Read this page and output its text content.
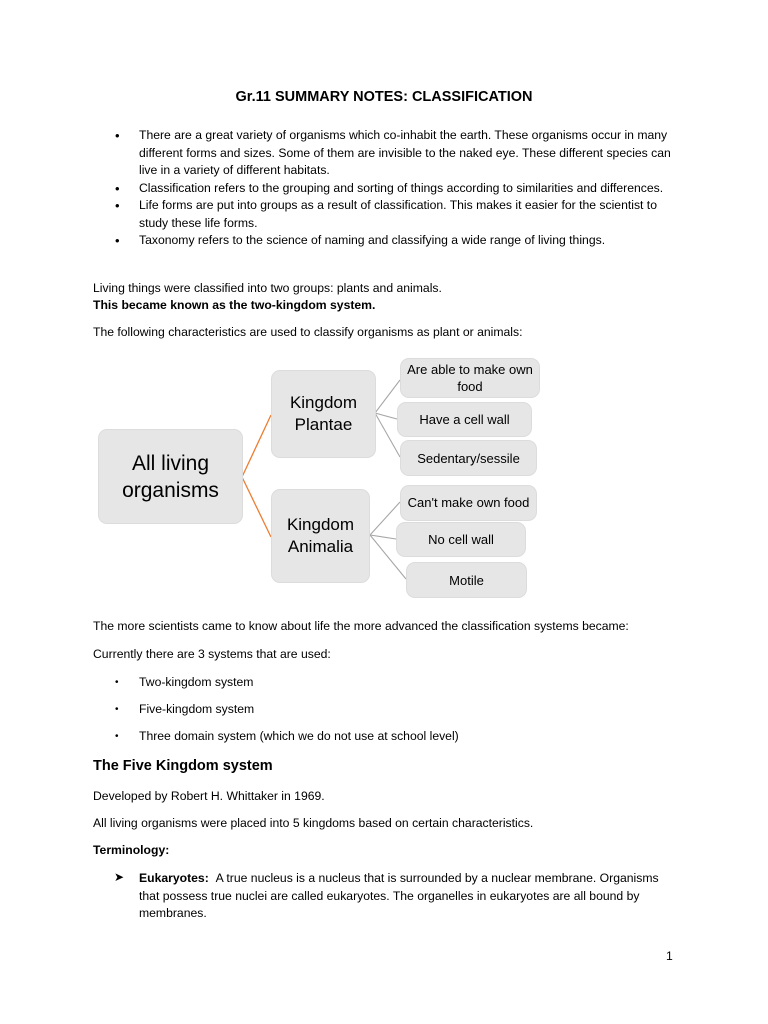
Gr.11 SUMMARY NOTES: CLASSIFICATION
• There are a great variety of organisms which co-inhabit the earth. These organisms occur in many different forms and sizes. Some of them are invisible to the naked eye. These different species can live in a variety of different habitats.
• Classification refers to the grouping and sorting of things according to similarities and differences.
• Life forms are put into groups as a result of classification. This makes it easier for the scientist to study these life forms.
• Taxonomy refers to the science of naming and classifying a wide range of living things.
Living things were classified into two groups: plants and animals.
This became known as the two-kingdom system.
The following characteristics are used to classify organisms as plant or animals:
All living organisms
Kingdom Plantae
Kingdom Animalia
Are able to make own food
Have a cell wall
Sedentary/sessile
Can't make own food
No cell wall
Motile
The more scientists came to know about life the more advanced the classification systems became:
Currently there are 3 systems that are used:
• Two-kingdom system
• Five-kingdom system
• Three domain system (which we do not use at school level)
The Five Kingdom system
Developed by Robert H. Whittaker in 1969.
All living organisms were placed into 5 kingdoms based on certain characteristics.
Terminology:
➤ Eukaryotes: A true nucleus is a nucleus that is surrounded by a nuclear membrane. Organisms that possess true nuclei are called eukaryotes. The organelles in eukaryotes are all bound by membranes.
1
